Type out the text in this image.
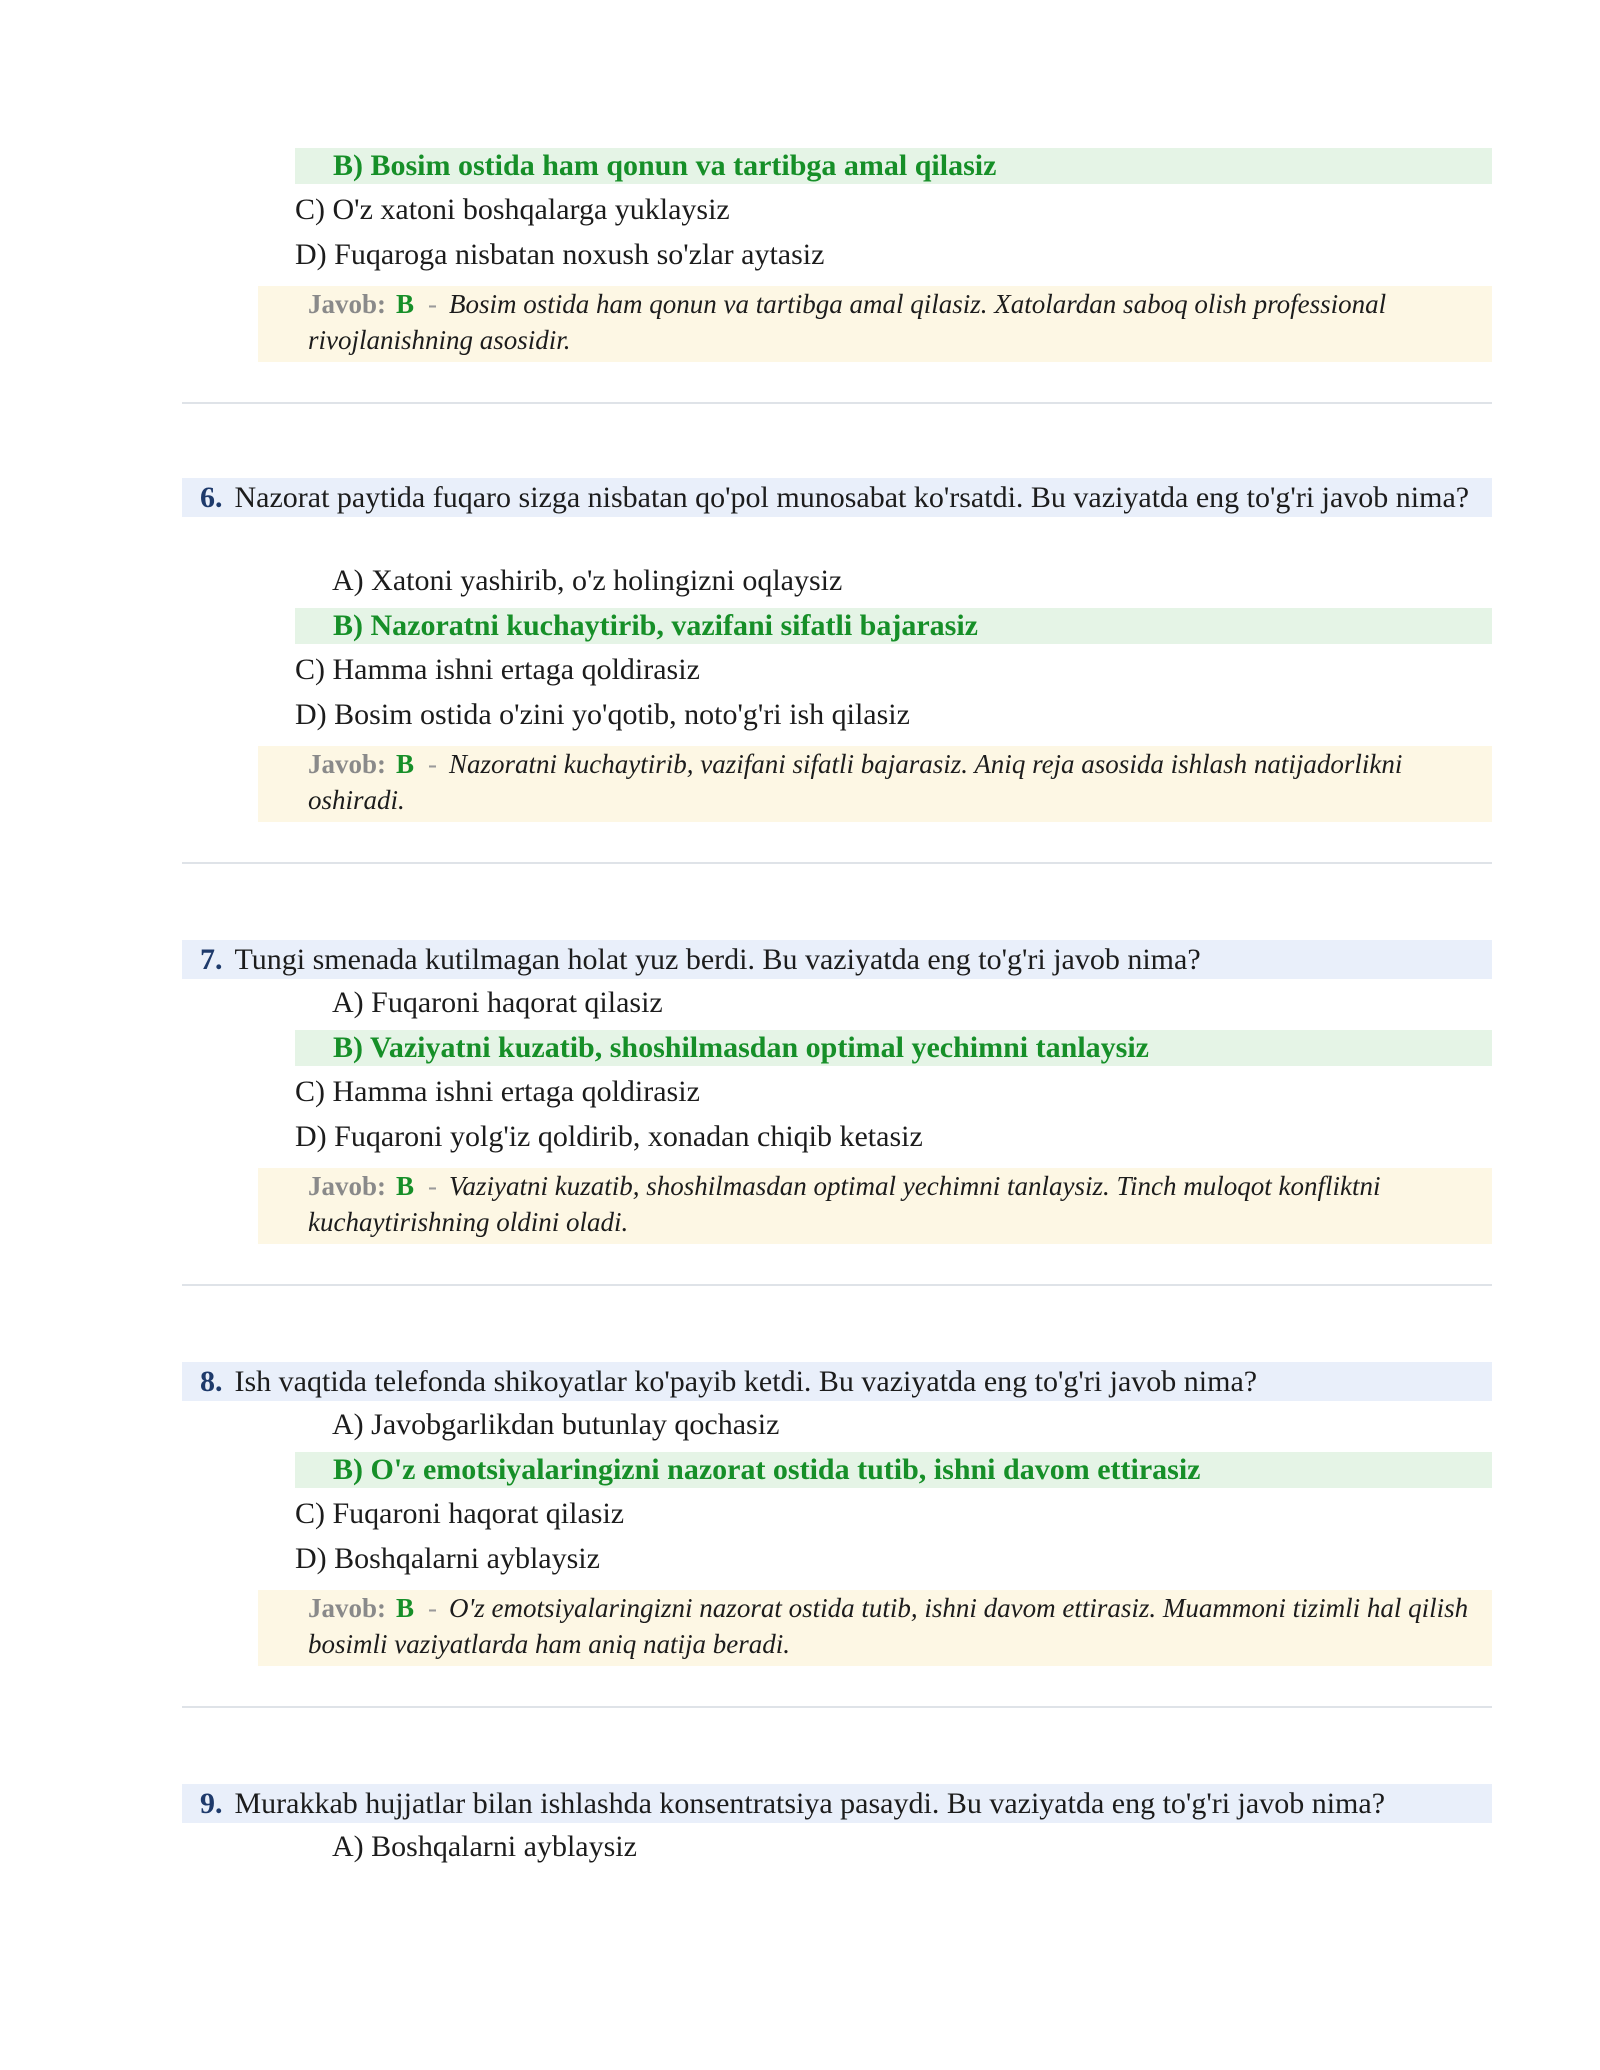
B) Bosim ostida ham qonun va tartibga amal qilasiz
C) O'z xatoni boshqalarga yuklaysiz
D) Fuqaroga nisbatan noxush so'zlar aytasiz
Javob: B - Bosim ostida ham qonun va tartibga amal qilasiz. Xatolardan saboq olish professional rivojlanishning asosidir.
6. Nazorat paytida fuqaro sizga nisbatan qo'pol munosabat ko'rsatdi. Bu vaziyatda eng to'g'ri javob nima?
A) Xatoni yashirib, o'z holingizni oqlaysiz
B) Nazoratni kuchaytirib, vazifani sifatli bajarasiz
C) Hamma ishni ertaga qoldirasiz
D) Bosim ostida o'zini yo'qotib, noto'g'ri ish qilasiz
Javob: B - Nazoratni kuchaytirib, vazifani sifatli bajarasiz. Aniq reja asosida ishlash natijadorlikni oshiradi.
7. Tungi smenada kutilmagan holat yuz berdi. Bu vaziyatda eng to'g'ri javob nima?
A) Fuqaroni haqorat qilasiz
B) Vaziyatni kuzatib, shoshilmasdan optimal yechimni tanlaysiz
C) Hamma ishni ertaga qoldirasiz
D) Fuqaroni yolg'iz qoldirib, xonadan chiqib ketasiz
Javob: B - Vaziyatni kuzatib, shoshilmasdan optimal yechimni tanlaysiz. Tinch muloqot konfliktni kuchaytirishning oldini oladi.
8. Ish vaqtida telefonda shikoyatlar ko'payib ketdi. Bu vaziyatda eng to'g'ri javob nima?
A) Javobgarlikdan butunlay qochasiz
B) O'z emotsiyalaringizni nazorat ostida tutib, ishni davom ettirasiz
C) Fuqaroni haqorat qilasiz
D) Boshqalarni ayblaysiz
Javob: B - O'z emotsiyalaringizni nazorat ostida tutib, ishni davom ettirasiz. Muammoni tizimli hal qilish bosimli vaziyatlarda ham aniq natija beradi.
9. Murakkab hujjatlar bilan ishlashda konsentratsiya pasaydi. Bu vaziyatda eng to'g'ri javob nima?
A) Boshqalarni ayblaysiz
